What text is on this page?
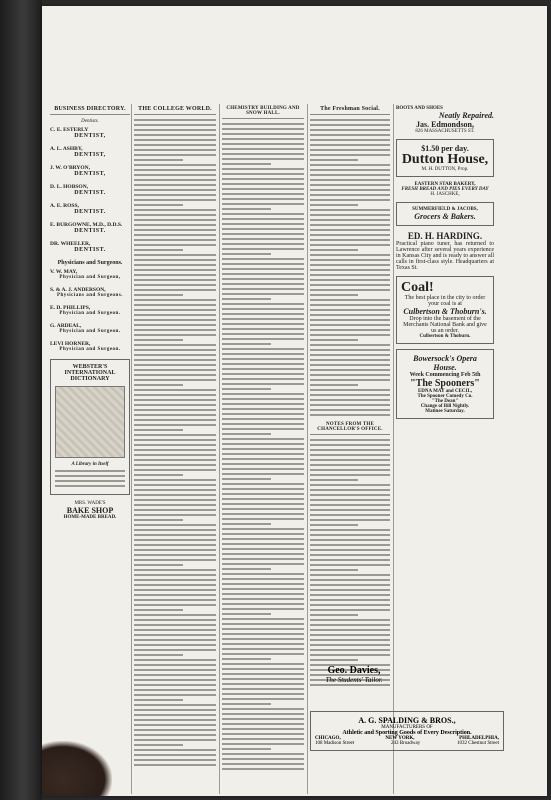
BUSINESS DIRECTORY.
Dentists.
C. E. ESTERLY
DENTIST,
A. L. ASHBY,
DENTIST,
J. W. O'BRYON,
DENTIST,
D. L. HOBSON,
DENTIST.
A. E. ROSS,
DENTIST.
E. BURGOWNE, M.D., D.D.S.
DENTIST.
DR. WHEELER,
DENTIST.
Physicians and Surgeons.
V. W. MAY,
Physician and Surgeon,
S. & A. J. ANDERSON,
Physicians and Surgeons.
E. D. PHILLIPS,
Physician and Surgeon.
G. ARDEAL,
Physician and Surgeon.
LEVI HORNER,
Physician and Surgeon.
WEBSTER'S INTERNATIONAL DICTIONARY
A Library in Itself
MRS. WADE'S
BAKE SHOP
HOME-MADE BREAD.
THE COLLEGE WORLD.	CHEMISTRY BUILDING AND SNOW HALL.
The Freshman Social.
NOTES FROM THE CHANCELLOR'S OFFICE.
Geo. Davies,
The Students' Tailor.
BOOTS AND SHOES
Neatly Repaired.
Jas. Edmondson,
826 MASSACHUSETTS ST.
$1.50 per day.
Dutton House,
M. H. DUTTON, Prop.
EASTERN STAR BAKERY,
FRESH BREAD AND PIES EVERY DAY
H. JASCHKE,
SUMMERFIELD & JACOBS,
Grocers & Bakers.
ED. H. HARDING.
Practical piano tuner, has returned to Lawrence after several years experience in Kansas City and is ready to answer all calls in first-class style. Headquarters at Texas St.
Coal!
The best place in the city to order your coal is at
Culbertson & Thoburn's.
Drop into the basement of the Merchants National Bank and give us an order.
Culbertson & Thoburn.
Bowersock's Opera House.
Week Commencing Feb 5th
"The Spooners"
EDNA MAY and CECIL,
The Spooner Comedy Co.
"The Dean"
Change of Bill Nightly.
Matinee Saturday.
A. G. SPALDING & BROS.,
MANUFACTURERS OF
Athletic and Sporting Goods of Every Description.
CHICAGO,	NEW YORK,	PHILADELPHIA,
108 Madison Street	243 Broadway	1032 Chestnut Street
